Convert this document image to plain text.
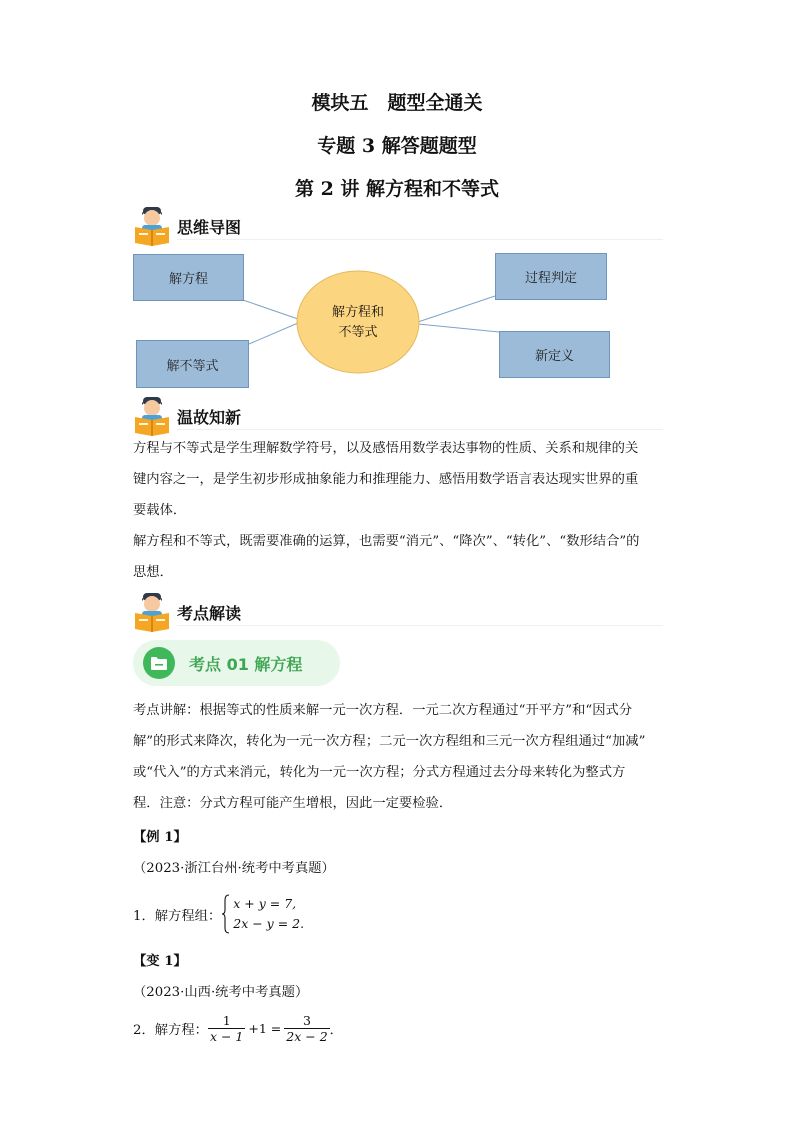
模块五　题型全通关
专题 3 解答题题型
第 2 讲 解方程和不等式
思维导图
解方程和
不等式
解方程
解不等式
过程判定
新定义
温故知新

方程与不等式是学生理解数学符号，以及感悟用数学表达事物的性质、关系和规律的关

键内容之一，是学生初步形成抽象能力和推理能力、感悟用数学语言表达现实世界的重

要载体．

解方程和不等式，既需要准确的运算，也需要“消元”、“降次”、“转化”、“数形结合”的

思想．

考点解读
考点 01 解方程

考点讲解：根据等式的性质来解一元一次方程．一元二次方程通过“开平方”和“因式分

解”的形式来降次，转化为一元一次方程；二元一次方程组和三元一次方程组通过“加减”

或“代入”的方式来消元，转化为一元一次方程；分式方程通过去分母来转化为整式方

程．注意：分式方程可能产生增根，因此一定要检验．

【例 1】
（2023·浙江台州·统考中考真题）
1．解方程组：
x + y = 7,
2x − y = 2.
【变 1】
（2023·山西·统考中考真题）
2．解方程： $\frac{1}{x - 1} +1 = \frac{3}{2x - 2}$ ．
